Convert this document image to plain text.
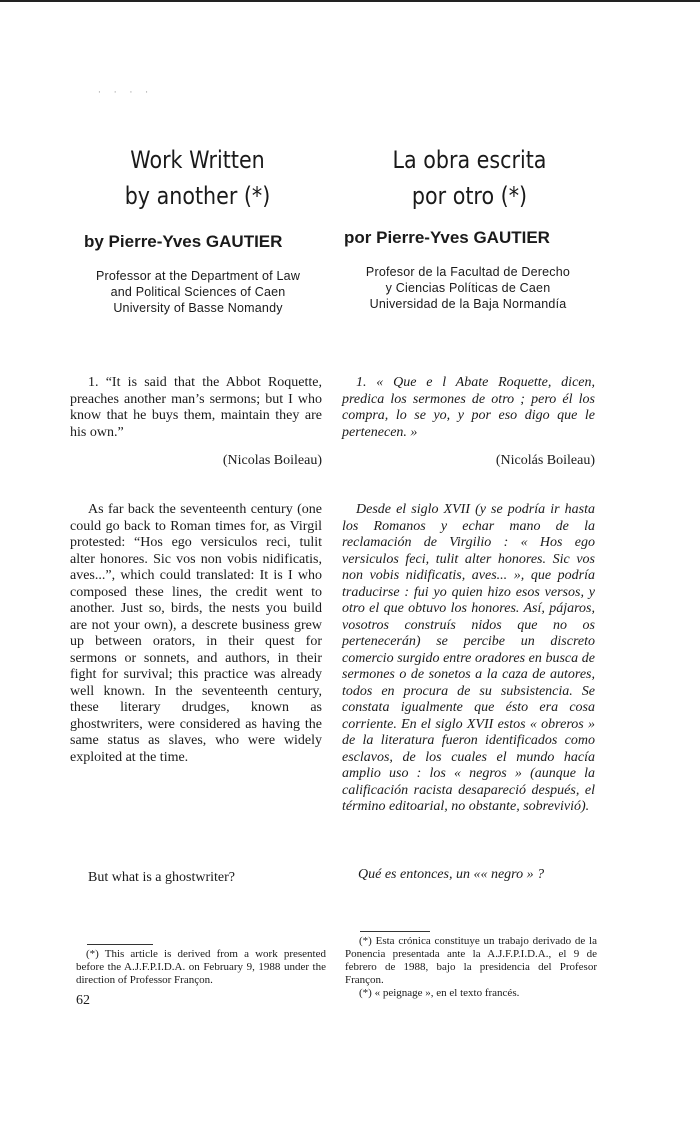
· · · ·
Work Written
by another (*)
by Pierre-Yves GAUTIER
Professor at the Department of Law
and Political Sciences of Caen
University of Basse Nomandy
1. “It is said that the Abbot Roquette, preaches another man’s sermons; but I who know that he buys them, maintain they are his own.”
(Nicolas Boileau)
As far back the seventeenth century (one could go back to Roman times for, as Virgil protested: “Hos ego versiculos reci, tulit alter honores. Sic vos non vobis nidificatis, aves...”, which could translated: It is I who composed these lines, the credit went to another. Just so, birds, the nests you build are not your own), a descrete business grew up between orators, in their quest for sermons or sonnets, and authors, in their fight for survival; this practice was already well known. In the seventeenth century, these literary drudges, known as ghostwriters, were considered as having the same status as slaves, who were widely exploited at the time.
But what is a ghostwriter?
(*) This article is derived from a work presented before the A.J.F.P.I.D.A. on February 9, 1988 under the direction of Professor Françon.
62
La obra escrita
por otro (*)
por Pierre-Yves GAUTIER
Profesor de la Facultad de Derecho
y Ciencias Políticas de Caen
Universidad de la Baja Normandía
1. « Que e l Abate Roquette, dicen, predica los sermones de otro ; pero él los compra, lo se yo, y por eso digo que le pertenecen. »
(Nicolás Boileau)
Desde el siglo XVII (y se podría ir hasta los Romanos y echar mano de la reclamación de Virgilio : « Hos ego versiculos feci, tulit alter honores. Sic vos non vobis nidificatis, aves... », que podría traducirse : fui yo quien hizo esos versos, y otro el que obtuvo los honores. Así, pájaros, vosotros construís nidos que no os pertenecerán) se percibe un discreto comercio surgido entre oradores en busca de sermones o de sonetos a la caza de autores, todos en procura de su subsistencia. Se constata igualmente que ésto era cosa corriente. En el siglo XVII estos « obreros » de la literatura fueron identificados como esclavos, de los cuales el mundo hacía amplio uso : los « negros » (aunque la calificación racista desapareció después, el término editoarial, no obstante, sobrevivió).
Qué es entonces, un «« negro » ?
(*) Esta crónica constituye un trabajo derivado de la Ponencia presentada ante la A.J.F.P.I.D.A., el 9 de febrero de 1988, bajo la presidencia del Profesor Françon.
(*) « peignage », en el texto francés.
